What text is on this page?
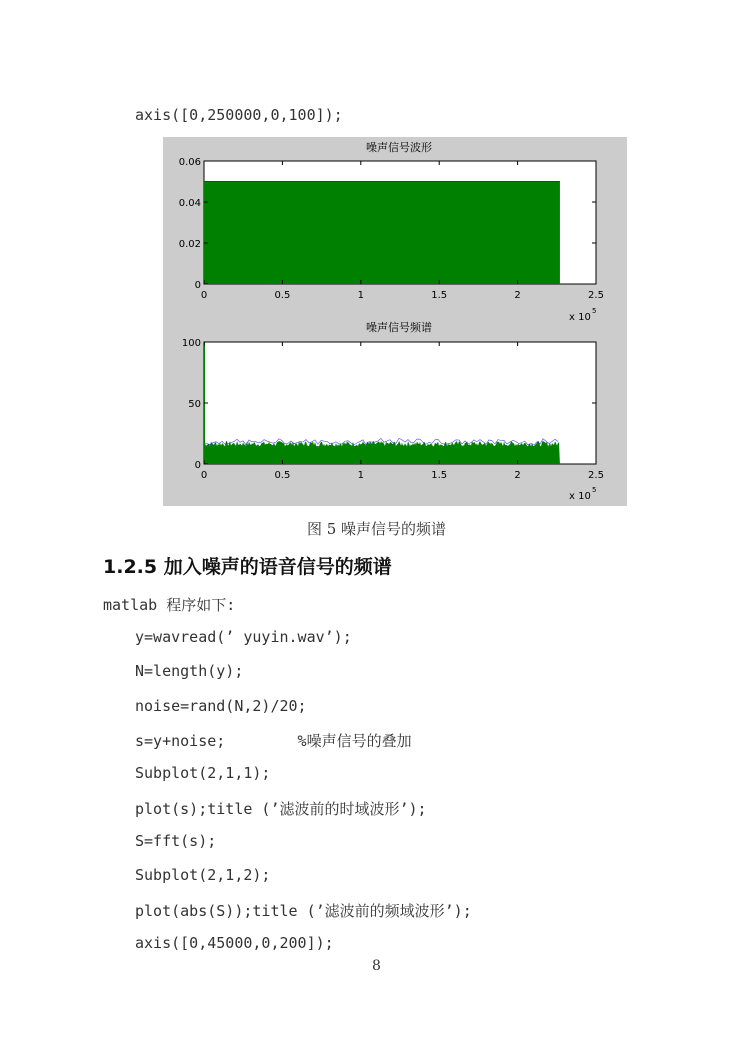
axis([0,250000,0,100]);
噪声信号波形
0	0.5	1	1.5	2	2.5
0
0.02
0.04
0.06
x 10
5
噪声信号频谱
0	0.5	1	1.5	2	2.5
0
50
100
x 10
5
图 5 噪声信号的频谱
1.2.5 加入噪声的语音信号的频谱
matlab 程序如下:
y=wavread(’ yuyin.wav’);
N=length(y);
noise=rand(N,2)/20;
s=y+noise;        %噪声信号的叠加
Subplot(2,1,1);
plot(s);title (’滤波前的时域波形’);
S=fft(s);
Subplot(2,1,2);
plot(abs(S));title (’滤波前的频域波形’);
axis([0,45000,0,200]);
8
